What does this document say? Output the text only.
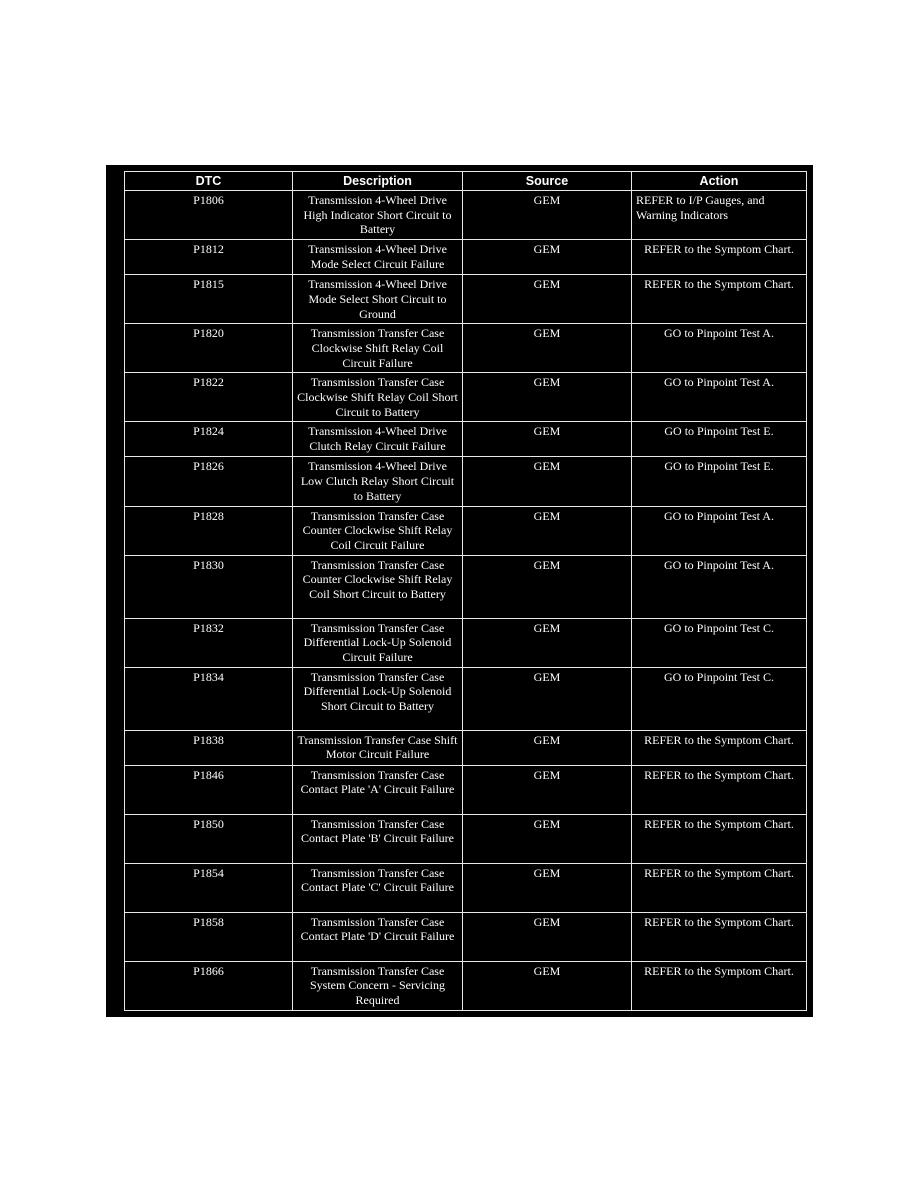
DTC	Description	Source	Action
P1806	Transmission 4-Wheel Drive High Indicator Short Circuit to Battery	GEM	REFER to I/P Gauges, and Warning Indicators
P1812	Transmission 4-Wheel Drive Mode Select Circuit Failure	GEM	REFER to the Symptom Chart.
P1815	Transmission 4-Wheel Drive Mode Select Short Circuit to Ground	GEM	REFER to the Symptom Chart.
P1820	Transmission Transfer Case Clockwise Shift Relay Coil Circuit Failure	GEM	GO to Pinpoint Test A.
P1822	Transmission Transfer Case Clockwise Shift Relay Coil Short Circuit to Battery	GEM	GO to Pinpoint Test A.
P1824	Transmission 4-Wheel Drive Clutch Relay Circuit Failure	GEM	GO to Pinpoint Test E.
P1826	Transmission 4-Wheel Drive Low Clutch Relay Short Circuit to Battery	GEM	GO to Pinpoint Test E.
P1828	Transmission Transfer Case Counter Clockwise Shift Relay Coil Circuit Failure	GEM	GO to Pinpoint Test A.
P1830	Transmission Transfer Case Counter Clockwise Shift Relay Coil Short Circuit to Battery	GEM	GO to Pinpoint Test A.
P1832	Transmission Transfer Case Differential Lock-Up Solenoid Circuit Failure	GEM	GO to Pinpoint Test C.
P1834	Transmission Transfer Case Differential Lock-Up Solenoid Short Circuit to Battery	GEM	GO to Pinpoint Test C.
P1838	Transmission Transfer Case Shift Motor Circuit Failure	GEM	REFER to the Symptom Chart.
P1846	Transmission Transfer Case Contact Plate 'A' Circuit Failure	GEM	REFER to the Symptom Chart.
P1850	Transmission Transfer Case Contact Plate 'B' Circuit Failure	GEM	REFER to the Symptom Chart.
P1854	Transmission Transfer Case Contact Plate 'C' Circuit Failure	GEM	REFER to the Symptom Chart.
P1858	Transmission Transfer Case Contact Plate 'D' Circuit Failure	GEM	REFER to the Symptom Chart.
P1866	Transmission Transfer Case System Concern - Servicing Required	GEM	REFER to the Symptom Chart.
